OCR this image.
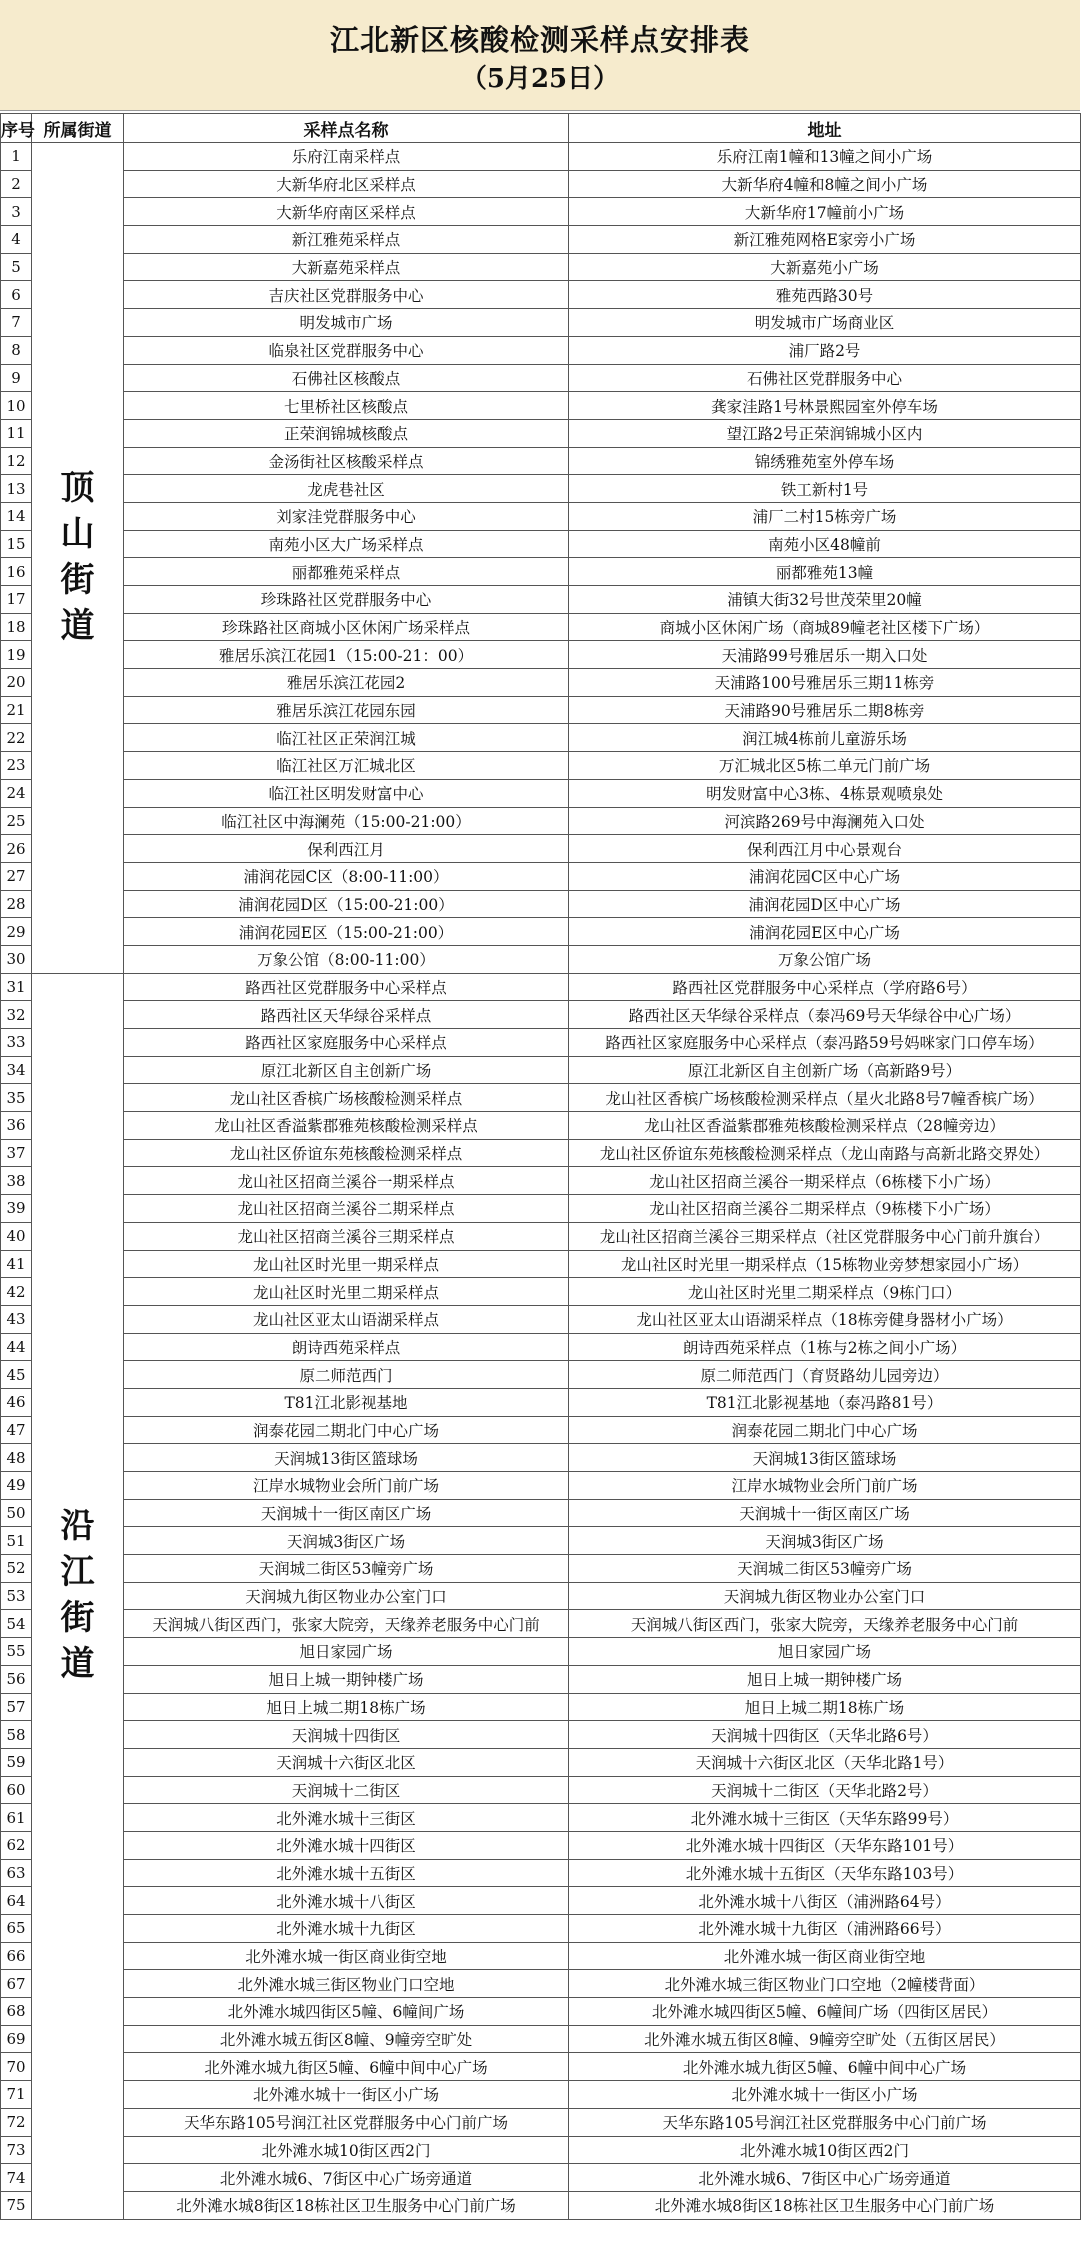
江北新区核酸检测采样点安排表
（5月25日）
序号	所属街道	采样点名称	地址
1	顶山街道	乐府江南采样点	乐府江南1幢和13幢之间小广场
2		大新华府北区采样点	大新华府4幢和8幢之间小广场
3		大新华府南区采样点	大新华府17幢前小广场
4		新江雅苑采样点	新江雅苑网格E家旁小广场
5		大新嘉苑采样点	大新嘉苑小广场
6		吉庆社区党群服务中心	雅苑西路30号
7		明发城市广场	明发城市广场商业区
8		临泉社区党群服务中心	浦厂路2号
9		石佛社区核酸点	石佛社区党群服务中心
10		七里桥社区核酸点	龚家洼路1号林景熙园室外停车场
11		正荣润锦城核酸点	望江路2号正荣润锦城小区内
12		金汤街社区核酸采样点	锦绣雅苑室外停车场
13		龙虎巷社区	铁工新村1号
14		刘家洼党群服务中心	浦厂二村15栋旁广场
15		南苑小区大广场采样点	南苑小区48幢前
16		丽都雅苑采样点	丽都雅苑13幢
17		珍珠路社区党群服务中心	浦镇大街32号世茂荣里20幢
18		珍珠路社区商城小区休闲广场采样点	商城小区休闲广场（商城89幢老社区楼下广场）
19		雅居乐滨江花园1（15:00-21：00）	天浦路99号雅居乐一期入口处
20		雅居乐滨江花园2	天浦路100号雅居乐三期11栋旁
21		雅居乐滨江花园东园	天浦路90号雅居乐二期8栋旁
22		临江社区正荣润江城	润江城4栋前儿童游乐场
23		临江社区万汇城北区	万汇城北区5栋二单元门前广场
24		临江社区明发财富中心	明发财富中心3栋、4栋景观喷泉处
25		临江社区中海澜苑（15:00-21:00）	河滨路269号中海澜苑入口处
26		保利西江月	保利西江月中心景观台
27		浦润花园C区（8:00-11:00）	浦润花园C区中心广场
28		浦润花园D区（15:00-21:00）	浦润花园D区中心广场
29		浦润花园E区（15:00-21:00）	浦润花园E区中心广场
30		万象公馆（8:00-11:00）	万象公馆广场
31	沿江街道	路西社区党群服务中心采样点	路西社区党群服务中心采样点（学府路6号）
32		路西社区天华绿谷采样点	路西社区天华绿谷采样点（泰冯69号天华绿谷中心广场）
33		路西社区家庭服务中心采样点	路西社区家庭服务中心采样点（泰冯路59号妈咪家门口停车场）
34		原江北新区自主创新广场	原江北新区自主创新广场（高新路9号）
35		龙山社区香槟广场核酸检测采样点	龙山社区香槟广场核酸检测采样点（星火北路8号7幢香槟广场）
36		龙山社区香溢紫郡雅苑核酸检测采样点	龙山社区香溢紫郡雅苑核酸检测采样点（28幢旁边）
37		龙山社区侨谊东苑核酸检测采样点	龙山社区侨谊东苑核酸检测采样点（龙山南路与高新北路交界处）
38		龙山社区招商兰溪谷一期采样点	龙山社区招商兰溪谷一期采样点（6栋楼下小广场）
39		龙山社区招商兰溪谷二期采样点	龙山社区招商兰溪谷二期采样点（9栋楼下小广场）
40		龙山社区招商兰溪谷三期采样点	龙山社区招商兰溪谷三期采样点（社区党群服务中心门前升旗台）
41		龙山社区时光里一期采样点	龙山社区时光里一期采样点（15栋物业旁梦想家园小广场）
42		龙山社区时光里二期采样点	龙山社区时光里二期采样点（9栋门口）
43		龙山社区亚太山语湖采样点	龙山社区亚太山语湖采样点（18栋旁健身器材小广场）
44		朗诗西苑采样点	朗诗西苑采样点（1栋与2栋之间小广场）
45		原二师范西门	原二师范西门（育贤路幼儿园旁边）
46		T81江北影视基地	T81江北影视基地（泰冯路81号）
47		润泰花园二期北门中心广场	润泰花园二期北门中心广场
48		天润城13街区篮球场	天润城13街区篮球场
49		江岸水城物业会所门前广场	江岸水城物业会所门前广场
50		天润城十一街区南区广场	天润城十一街区南区广场
51		天润城3街区广场	天润城3街区广场
52		天润城二街区53幢旁广场	天润城二街区53幢旁广场
53		天润城九街区物业办公室门口	天润城九街区物业办公室门口
54		天润城八街区西门，张家大院旁，天缘养老服务中心门前	天润城八街区西门，张家大院旁，天缘养老服务中心门前
55		旭日家园广场	旭日家园广场
56		旭日上城一期钟楼广场	旭日上城一期钟楼广场
57		旭日上城二期18栋广场	旭日上城二期18栋广场
58		天润城十四街区	天润城十四街区（天华北路6号）
59		天润城十六街区北区	天润城十六街区北区（天华北路1号）
60		天润城十二街区	天润城十二街区（天华北路2号）
61		北外滩水城十三街区	北外滩水城十三街区（天华东路99号）
62		北外滩水城十四街区	北外滩水城十四街区（天华东路101号）
63		北外滩水城十五街区	北外滩水城十五街区（天华东路103号）
64		北外滩水城十八街区	北外滩水城十八街区（浦洲路64号）
65		北外滩水城十九街区	北外滩水城十九街区（浦洲路66号）
66		北外滩水城一街区商业街空地	北外滩水城一街区商业街空地
67		北外滩水城三街区物业门口空地	北外滩水城三街区物业门口空地（2幢楼背面）
68		北外滩水城四街区5幢、6幢间广场	北外滩水城四街区5幢、6幢间广场（四街区居民）
69		北外滩水城五街区8幢、9幢旁空旷处	北外滩水城五街区8幢、9幢旁空旷处（五街区居民）
70		北外滩水城九街区5幢、6幢中间中心广场	北外滩水城九街区5幢、6幢中间中心广场
71		北外滩水城十一街区小广场	北外滩水城十一街区小广场
72		天华东路105号润江社区党群服务中心门前广场	天华东路105号润江社区党群服务中心门前广场
73		北外滩水城10街区西2门	北外滩水城10街区西2门
74		北外滩水城6、7街区中心广场旁通道	北外滩水城6、7街区中心广场旁通道
75		北外滩水城8街区18栋社区卫生服务中心门前广场	北外滩水城8街区18栋社区卫生服务中心门前广场
